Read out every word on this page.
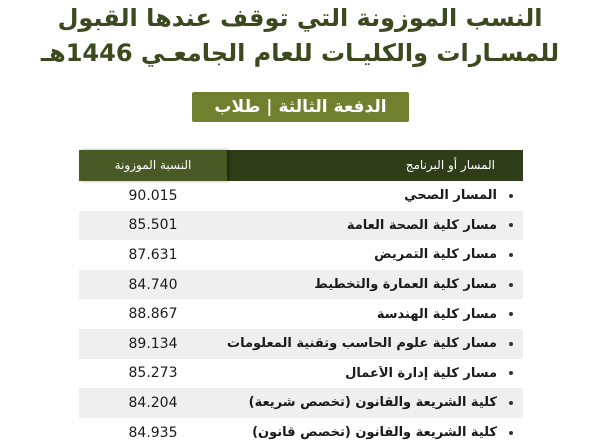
النسب الموزونة التي توقف عندها القبول
للمسـارات والكليـات للعام الجامعـي 1446هـ
الدفعة الثالثة | طلاب
النسبة الموزونة	المسار أو البرنامج
90.015	المسار الصحي
85.501	مسار كلية الصحة العامة
87.631	مسار كلية التمريض
84.740	مسار كلية العمارة والتخطيط
88.867	مسار كلية الهندسة
89.134	مسار كلية علوم الحاسب وتقنية المعلومات
85.273	مسار كلية إدارة الأعمال
84.204	كلية الشريعة والقانون (تخصص شريعة)
84.935	كلية الشريعة والقانون (تخصص قانون)
